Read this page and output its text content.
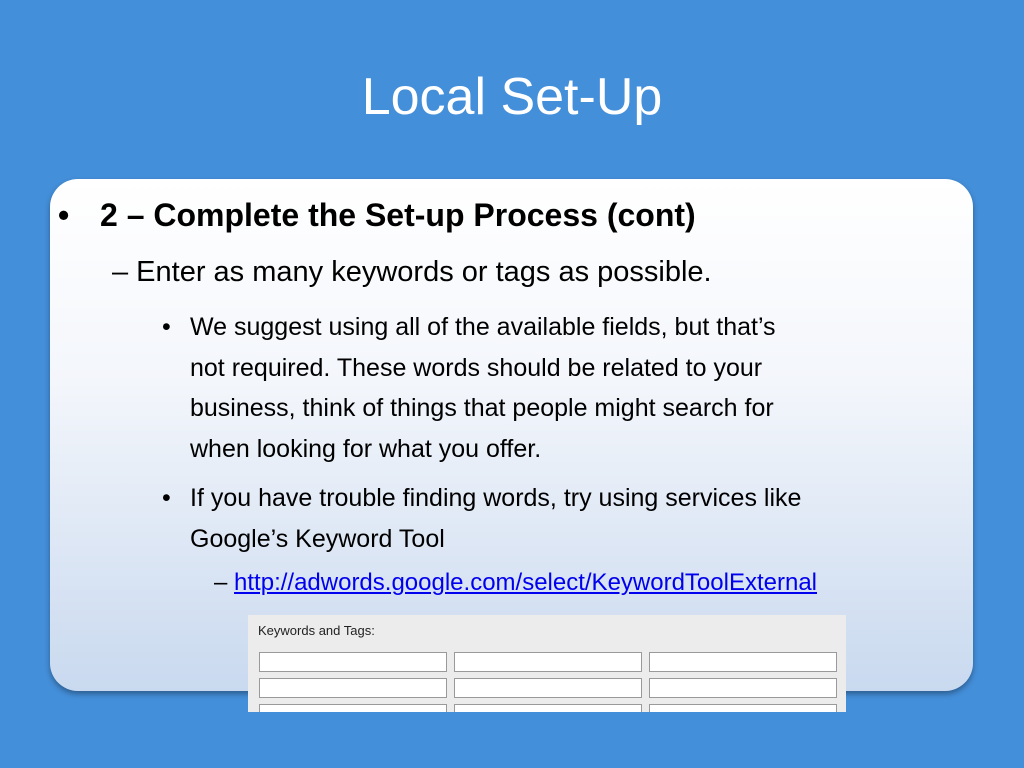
Local Set-Up
• 2 – Complete the Set-up Process (cont)
– Enter as many keywords or tags as possible.
• We suggest using all of the available fields, but that’s
not required. These words should be related to your
business, think of things that people might search for
when looking for what you offer.
• If you have trouble finding words, try using services like
Google’s Keyword Tool
– http://adwords.google.com/select/KeywordToolExternal
Keywords and Tags:
